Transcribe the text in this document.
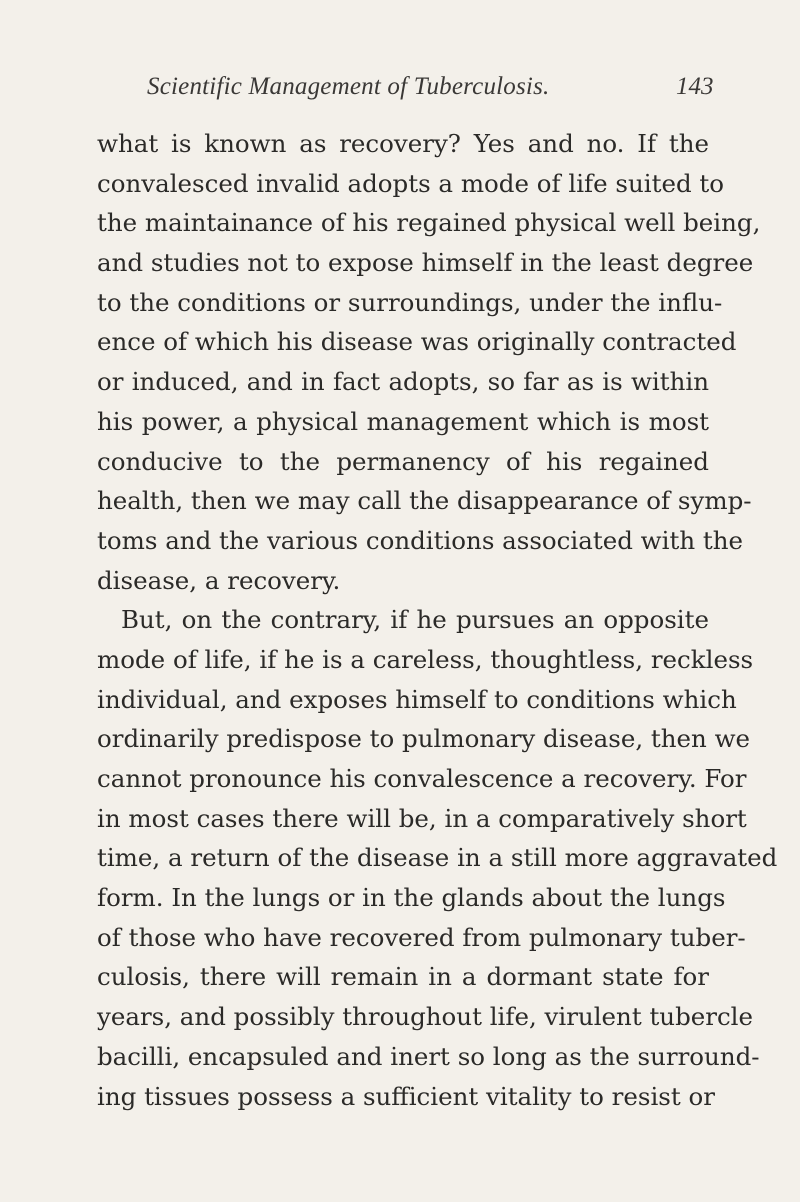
Scientific Management of Tuberculosis.	143
what is known as recovery? Yes and no. If the
convalesced invalid adopts a mode of life suited to
the maintainance of his regained physical well being,
and studies not to expose himself in the least degree
to the conditions or surroundings, under the influ-
ence of which his disease was originally contracted
or induced, and in fact adopts, so far as is within
his power, a physical management which is most
conducive to the permanency of his regained
health, then we may call the disappearance of symp-
toms and the various conditions associated with the
disease, a recovery.
But, on the contrary, if he pursues an opposite
mode of life, if he is a careless, thoughtless, reckless
individual, and exposes himself to conditions which
ordinarily predispose to pulmonary disease, then we
cannot pronounce his convalescence a recovery. For
in most cases there will be, in a comparatively short
time, a return of the disease in a still more aggravated
form. In the lungs or in the glands about the lungs
of those who have recovered from pulmonary tuber-
culosis, there will remain in a dormant state for
years, and possibly throughout life, virulent tubercle
bacilli, encapsuled and inert so long as the surround-
ing tissues possess a sufficient vitality to resist or
